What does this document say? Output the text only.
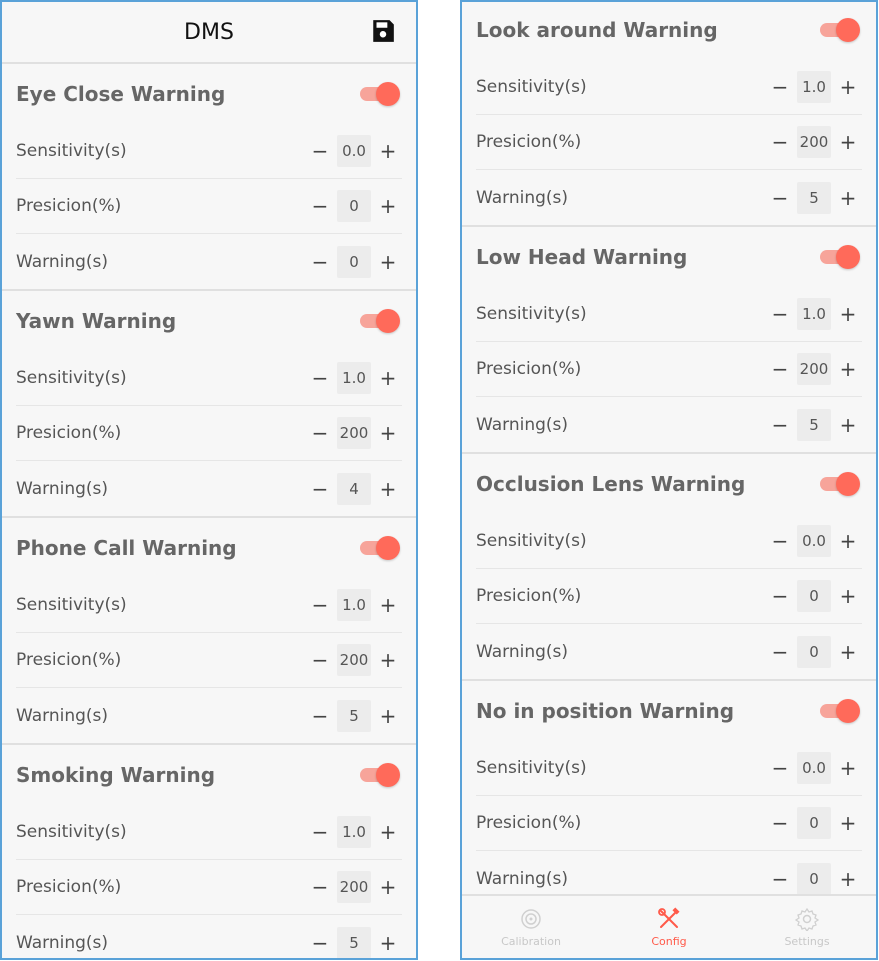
DMS
Eye Close Warning
Sensitivity(s)	− 0.0 +
Presicion(%)	−	0	+
Warning(s)	−	0	+
Yawn Warning
Sensitivity(s)	− 1.0 +
Presicion(%)	− 200 +
Warning(s)	−	4	+
Phone Call Warning
Sensitivity(s)	− 1.0 +
Presicion(%)	− 200 +
Warning(s)	−	5	+
Smoking Warning
Sensitivity(s)	− 1.0 +
Presicion(%)	− 200 +
Warning(s)	−	5	+
Look around Warning
Sensitivity(s)	− 1.0 +
Presicion(%)	− 200 +
Warning(s)	−	5	+
Low Head Warning
Sensitivity(s)	− 1.0 +
Presicion(%)	− 200 +
Warning(s)	−	5	+
Occlusion Lens Warning
Sensitivity(s)	− 0.0 +
Presicion(%)	−	0	+
Warning(s)	−	0	+
No in position Warning
Sensitivity(s)	− 0.0 +
Presicion(%)	−	0	+
Warning(s)	−	0	+
Calibration	Config	Settings
